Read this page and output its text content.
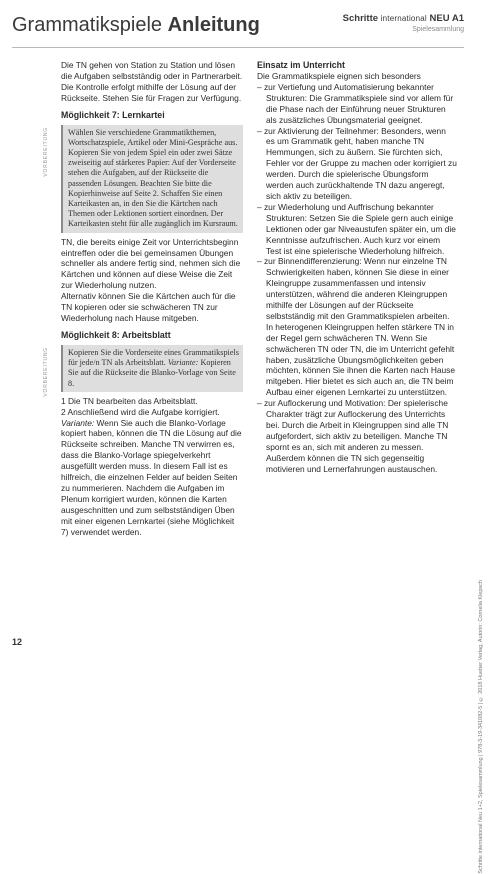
Grammatikspiele Anleitung	Schritte international NEU A1
Spielesammlung

Die TN gehen von Station zu Station und lösen die Aufgaben selbstständig oder in Partnerarbeit. Die Kontrolle erfolgt mithilfe der Lösung auf der Rückseite. Stehen Sie für Fragen zur Verfügung.

Möglichkeit 7: Lernkartei
VORBEREITUNG Wählen Sie verschiedene Grammatikthemen, Wortschatzspiele, Artikel oder Mini-Gespräche aus. Kopieren Sie von jedem Spiel ein oder zwei Sätze zweiseitig auf stärkeres Papier: Auf der Vorderseite stehen die Aufgaben, auf der Rückseite die passenden Lösungen. Beachten Sie bitte die Kopierhinweise auf Seite 2. Schaffen Sie einen Karteikasten an, in den Sie die Kärtchen nach Themen oder Lektionen sortiert einordnen. Der Karteikasten steht für alle zugänglich im Kursraum.

TN, die bereits einige Zeit vor Unterrichtsbeginn eintreffen oder die bei gemeinsamen Übungen schneller als andere fertig sind, nehmen sich die Kärtchen und können auf diese Weise die Zeit zur Wiederholung nutzen.

Alternativ können Sie die Kärtchen auch für die TN kopieren oder sie schwächeren TN zur Wiederholung nach Hause mitgeben.

Möglichkeit 8: Arbeitsblatt
VORBEREITUNG Kopieren Sie die Vorderseite eines Grammatikspiels für jede/n TN als Arbeitsblatt. Variante: Kopieren Sie auf die Rückseite die Blanko-Vorlage von Seite 8.

1 Die TN bearbeiten das Arbeitsblatt.

2 Anschließend wird die Aufgabe korrigiert.

Variante: Wenn Sie auch die Blanko-Vorlage kopiert haben, können die TN die Lösung auf die Rückseite schreiben. Manche TN verwirren es, dass die Blanko-Vorlage spiegelverkehrt ausgefüllt werden muss. In diesem Fall ist es hilfreich, die einzelnen Felder auf beiden Seiten zu nummerieren. Nachdem die Aufgaben im Plenum korrigiert wurden, können die Karten ausgeschnitten und zum selbstständigen Üben mit einer eigenen Lernkartei (siehe Möglichkeit 7) verwendet werden.

Einsatz im Unterricht

Die Grammatikspiele eignen sich besonders

– zur Vertiefung und Automatisierung bekannter Strukturen: Die Grammatikspiele sind vor allem für die Phase nach der Einführung neuer Strukturen als zusätzliches Übungsmaterial geeignet.

– zur Aktivierung der Teilnehmer: Besonders, wenn es um Grammatik geht, haben manche TN Hemmungen, sich zu äußern. Sie fürchten sich, Fehler vor der Gruppe zu machen oder korrigiert zu werden. Durch die spielerische Übungsform werden auch zurückhaltende TN dazu angeregt, sich aktiv zu beteiligen.

– zur Wiederholung und Auffrischung bekannter Strukturen: Setzen Sie die Spiele gern auch einige Lektionen oder gar Niveaustufen später ein, um die Kenntnisse aufzufrischen. Auch kurz vor einem Test ist eine spielerische Wiederholung hilfreich.

– zur Binnendifferenzierung: Wenn nur einzelne TN Schwierigkeiten haben, können Sie diese in einer Kleingruppe zusammenfassen und intensiv unterstützen, während die anderen Kleingruppen mithilfe der Lösungen auf der Rückseite selbstständig mit den Grammatikspielen arbeiten. In heterogenen Kleingruppen helfen stärkere TN in der Regel gern schwächeren TN. Wenn Sie schwächeren TN oder TN, die im Unterricht gefehlt haben, zusätzliche Übungsmöglichkeiten geben möchten, können Sie ihnen die Karten nach Hause mitgeben. Hier bietet es sich auch an, die TN beim Aufbau einer eigenen Lernkartei zu unterstützen.

– zur Auflockerung und Motivation: Der spielerische Charakter trägt zur Auflockerung des Unterrichts bei. Durch die Arbeit in Kleingruppen sind alle TN aufgefordert, sich aktiv zu beteiligen. Manche TN spornt es an, sich mit anderen zu messen. Außerdem können die TN sich gegenseitig motivieren und Lernerfahrungen austauschen.

Schritte international Neu 1+2, Spielesammlung | 978-3-19-341082-5 | © 2018 Hueber Verlag, Autorin: Cornelia Klepsch
12
